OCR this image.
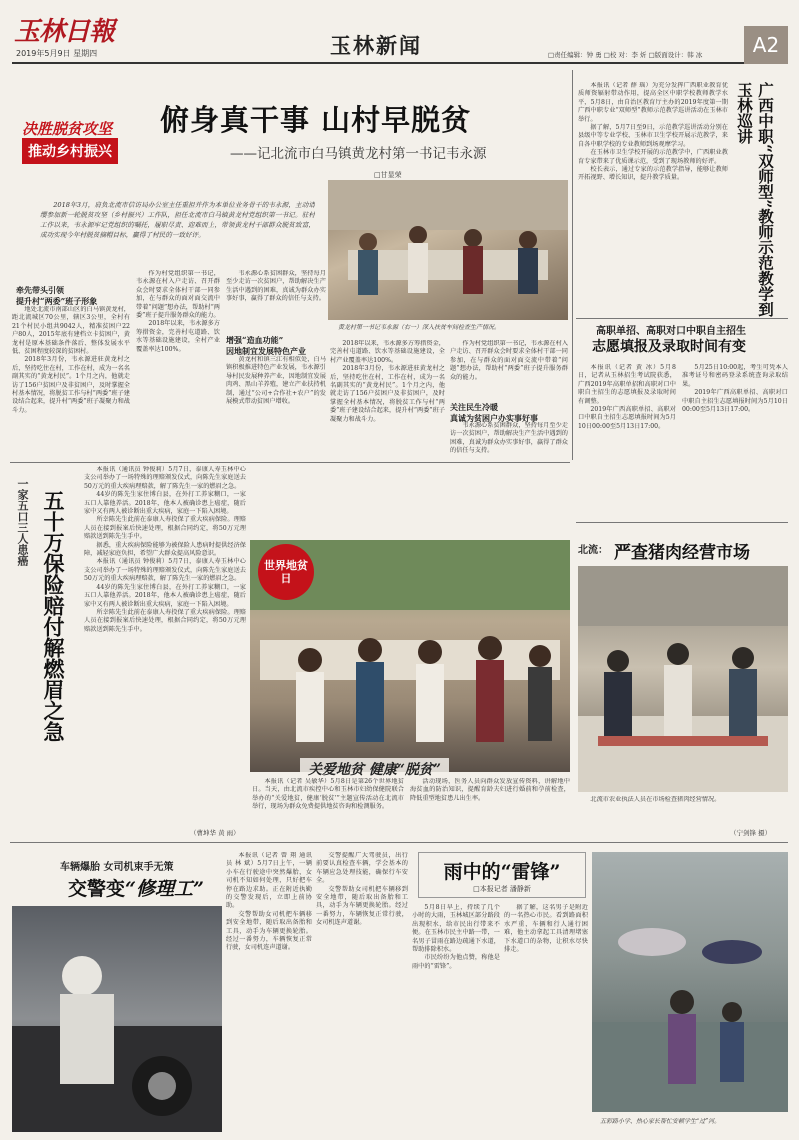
玉林日報
2019年5月9日 星期四	玉林新闻	□责任编辑：钟 勇 □校 对：李 炘 □版面设计：韩 冰	A2
决胜脱贫攻坚
推动乡村振兴
俯身真干事 山村早脱贫
——记北流市白马镇黄龙村第一书记韦永源
□甘显荣
2018年3月，肩负北流市信访局办公室主任重担并作为本单位业务骨干的韦永源，主动请缨参加新一轮脱贫攻坚（乡村振兴）工作队，担任北流市白马镇黄龙村党组织第一书记。驻村工作以来，韦永源牢记党组织的嘱托，履职尽责、迎难而上，带领黄龙村干部群众脱贫致富，成功实现今年村脱贫摘帽目标，赢得了村民的一致好评。
牵先带头引领
提升村“两委”班子形象

地处北流市南部山区的白马镇黄龙村，距北流城区70公里，辖区3公里，全村有21个村民小组共9042人，精准贫困户22户80人，2015年底有建档立卡贫困户，黄龙村是原本基础条件落后、整体发展水平低、贫困程度较深的贫困村。

2018年3月份，韦永源进驻黄龙村之后，坚持吃住在村，工作在村，成为一名名副其实的“黄龙村民”。1个月之内，他就走访了156户贫困户及非贫困户，及时掌握全村基本情况，将脱贫工作与村“两委”班子建设结合起来，提升村“两委”班子凝聚力和战斗力。

作为村党组织第一书记，韦永源在村入户走访、召开群众会时要求全体村干部一同参加，在与群众的面对面交流中带着“问题”想办法，帮助村“两委”班子提升服务群众的能力。

2018年以来，韦永源多方筹措资金，完善村屯道路、饮水等基础设施建设，全村产业覆盖率达100%。

韦永源心系贫困群众，坚持每月至少走访一次贫困户，帮助解决生产生活中遇到的困难，真诚为群众办实事好事，赢得了群众的信任与支持。

增强“造血功能”
因地制宜发展特色产业

黄龙村和镇三江有相似处，白马镇积极推进特色产业发展，韦永源引导村民发展种养产业，因地制宜发展肉鸡、黑山羊养殖，建立产业扶持机制，通过“公司+合作社+农户”的发展模式带动贫困户增收。

黄龙村第一书记韦永源（右一）深入扶贫车间检查生产情况。

2018年以来，韦永源多方筹措资金，完善村屯道路、饮水等基础设施建设，全村产业覆盖率达100%。

2018年3月份，韦永源进驻黄龙村之后，坚持吃住在村，工作在村，成为一名名副其实的“黄龙村民”。1个月之内，他就走访了156户贫困户及非贫困户，及时掌握全村基本情况，将脱贫工作与村“两委”班子建设结合起来，提升村“两委”班子凝聚力和战斗力。

作为村党组织第一书记，韦永源在村入户走访、召开群众会时要求全体村干部一同参加，在与群众的面对面交流中带着“问题”想办法，帮助村“两委”班子提升服务群众的能力。

关注民生冷暖
真诚为贫困户办实事好事

韦永源心系贫困群众，坚持每月至少走访一次贫困户，帮助解决生产生活中遇到的困难，真诚为群众办实事好事，赢得了群众的信任与支持。

本报讯（记者 薛 瑶）为充分发挥广西职业教育优质师资辐射带动作用，提高全区中职学校教师教学水平，5月8日，由自治区教育厅主办的2019年度第一期广西中职专业“双师型”教师示范教学巡讲活动在玉林市举行。

据了解，5月7日至9日，示范教学巡讲活动分别在县级中等专业学校、玉林市卫生学校开展示范教学，来自各中职学校的专业教师到场观摩学习。

在玉林市卫生学校开展的示范教学中，广西职业教育专家带来了优质课示范，受到了现场教师的好评。

校长表示，通过专家的示范教学指导，能够让教师开拓视野、增长知识，提升教学质量。	广西中职“双师型”教师示范教学到玉林巡讲
高职单招、高职对口中职自主招生
志愿填报及录取时间有变

本报讯（记者 黄 冰）5月8日，记者从玉林招生考试院获悉，广西2019年高职单招和高职对口中职自主招生的志愿填报及录取时间有调整。

2019年广西高职单招、高职对口中职自主招生志愿填报时间为5月10日00:00至5月13日17:00。

5月25日10:00起，考生可凭本人准考证号和密码登录系统查询录取结果。

2019年广西高职单招、高职对口中职自主招生志愿填报时间为5月10日00:00至5月13日17:00。

五十万保险赔付解燃眉之急
一家五口三人患癌

本报讯（通讯员 钟俊莉）5月7日，泰康人寿玉林中心支公司举办了一场特殊的理赔颁发仪式，向陈先生家庭送去50万元的重大疾病理赔款，解了陈先生一家的燃眉之急。

44岁的陈先生家住博白县，在外打工养家糊口，一家五口人靠他养活。2018年，他本人被确诊患上癌症，随后家中又有两人被诊断出重大疾病，家庭一下陷入困境。

所幸陈先生此前在泰康人寿投保了重大疾病保险。理赔人员在接到报案后快速处理，根据合同约定，将50万元理赔款送到陈先生手中。

据悉，重大疾病保险能够为被保险人患病时提供经济保障，减轻家庭负担，希望广大群众提高风险意识。

本报讯（通讯员 钟俊莉）5月7日，泰康人寿玉林中心支公司举办了一场特殊的理赔颁发仪式，向陈先生家庭送去50万元的重大疾病理赔款，解了陈先生一家的燃眉之急。

44岁的陈先生家住博白县，在外打工养家糊口，一家五口人靠他养活。2018年，他本人被确诊患上癌症，随后家中又有两人被诊断出重大疾病，家庭一下陷入困境。

所幸陈先生此前在泰康人寿投保了重大疾病保险。理赔人员在接到报案后快速处理，根据合同约定，将50万元理赔款送到陈先生手中。

（曹坤华 黄 雨）
世界地贫日
关爱地贫 健康“脱贫”

本报讯（记者 吴敏华）5月8日是第26个世界地贫日。当天，由北流市疾控中心和玉林市妇幼保健院联合举办的“关爱地贫，健康‘脱贫’”主题宣传活动在北流市举行，现场为群众免费提供地贫咨询和检测服务。

活动现场，医务人员向群众发放宣传资料，讲解地中海贫血的防治知识，提醒育龄夫妇进行婚前和孕前检查，降低重型地贫患儿出生率。

北流： 严查猪肉经营市场

北流市农业执法人员在市场检查猪肉经营情况。

（宁剑锋 摄）
车辆爆胎 女司机束手无策
交警变“修理工”

本报讯（记者 曾 翔 通讯员 林 斌）5月7日上午，一辆小车在行驶途中突然爆胎，女司机不知如何处理，只好把车停在路边求助。正在附近执勤的交警发现后，立即上前协助。

交警帮助女司机把车辆移到安全地带，随后取出备胎和工具，动手为车辆更换轮胎。经过一番努力，车辆恢复正常行驶，女司机连声道谢。

交警提醒广大驾驶员，出行前要认真检查车辆，学会基本的车辆应急处理技能，确保行车安全。

交警帮助女司机把车辆移到安全地带，随后取出备胎和工具，动手为车辆更换轮胎。经过一番努力，车辆恢复正常行驶，女司机连声道谢。

雨中的“雷锋”
□本报记者 潘静新

5月8日早上，持续了几个小时的大雨，玉林城区部分路段出现积水，给市民出行带来不便。在玉林市民主中路一带，一名男子冒雨在路边疏通下水道，帮助排除积水。

市民纷纷为他点赞，称他是雨中的“雷锋”。

据了解，这名男子是附近的一名热心市民。看到路面积水严重，车辆和行人通行困难，他主动拿起工具清理堵塞下水道口的杂物，让积水尽快排走。

五彩路小学、热心家长帮忙安顿学生“过”河。
